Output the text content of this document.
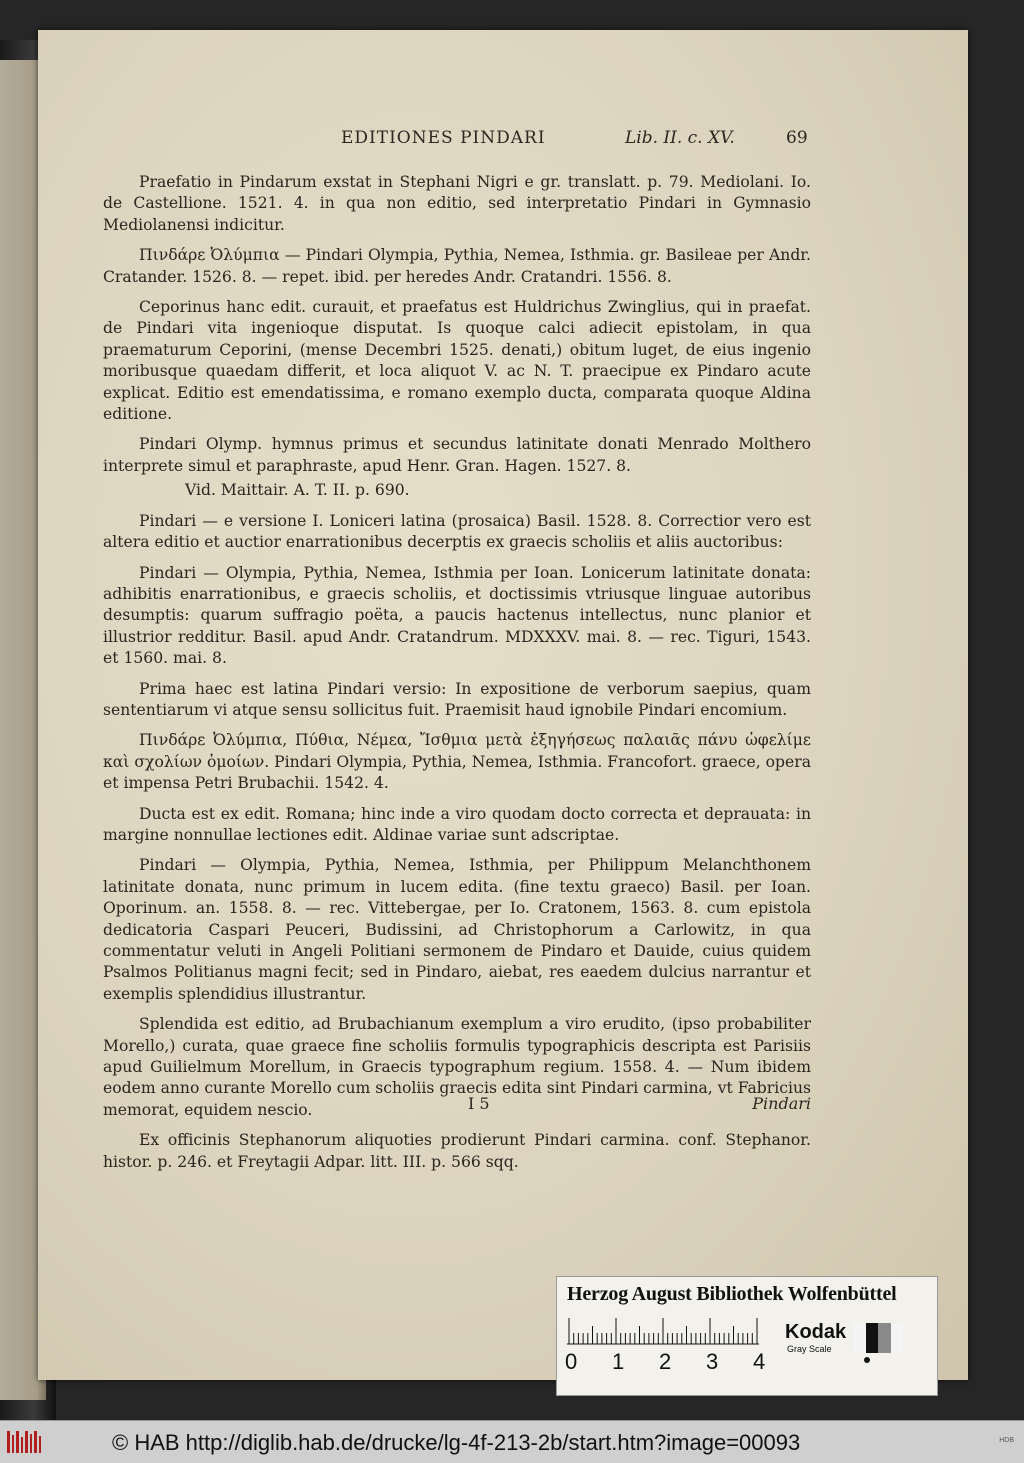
EDITIONES PINDARI	Lib. II. c. XV.	69

Praefatio in Pindarum exstat in Stephani Nigri e gr. translatt. p. 79. Mediolani. Io. de Castellione. 1521. 4. in qua non editio, sed interpretatio Pindari in Gymnasio Mediolanensi indicitur.

Πινδάρε Ὀλύμπια — Pindari Olympia, Pythia, Nemea, Isthmia. gr. Basileae per Andr. Cratander. 1526. 8. — repet. ibid. per heredes Andr. Cratandri. 1556. 8.

Ceporinus hanc edit. curauit, et praefatus est Huldrichus Zwinglius, qui in praefat. de Pindari vita ingenioque disputat. Is quoque calci adiecit epistolam, in qua praematurum Ceporini, (mense Decembri 1525. denati,) obitum luget, de eius ingenio moribusque quaedam differit, et loca aliquot V. ac N. T. praecipue ex Pindaro acute explicat. Editio est emendatissima, e romano exemplo ducta, comparata quoque Aldina editione.

Pindari Olymp. hymnus primus et secundus latinitate donati Menrado Molthero interprete simul et paraphraste, apud Henr. Gran. Hagen. 1527. 8.

Vid. Maittair. A. T. II. p. 690.

Pindari — e versione I. Loniceri latina (prosaica) Basil. 1528. 8. Correctior vero est altera editio et auctior enarrationibus decerptis ex graecis scholiis et aliis auctoribus:

Pindari — Olympia, Pythia, Nemea, Isthmia per Ioan. Lonicerum latinitate donata: adhibitis enarrationibus, e graecis scholiis, et doctissimis vtriusque linguae autoribus desumptis: quarum suffragio poëta, a paucis hactenus intellectus, nunc planior et illustrior redditur. Basil. apud Andr. Cratandrum. MDXXXV. mai. 8. — rec. Tiguri, 1543. et 1560. mai. 8.

Prima haec est latina Pindari versio: In expositione de verborum saepius, quam sententiarum vi atque sensu sollicitus fuit. Praemisit haud ignobile Pindari encomium.

Πινδάρε Ὀλύμπια, Πύθια, Νέμεα, Ἴσθμια μετὰ ἐξηγήσεως παλαιᾶς πάνυ ὠφελίμε καὶ σχολίων ὁμοίων. Pindari Olympia, Pythia, Nemea, Isthmia. Francofort. graece, opera et impensa Petri Brubachii. 1542. 4.

Ducta est ex edit. Romana; hinc inde a viro quodam docto correcta et deprauata: in margine nonnullae lectiones edit. Aldinae variae sunt adscriptae.

Pindari — Olympia, Pythia, Nemea, Isthmia, per Philippum Melanchthonem latinitate donata, nunc primum in lucem edita. (fine textu graeco) Basil. per Ioan. Oporinum. an. 1558. 8. — rec. Vittebergae, per Io. Cratonem, 1563. 8. cum epistola dedicatoria Caspari Peuceri, Budissini, ad Christophorum a Carlowitz, in qua commentatur veluti in Angeli Politiani sermonem de Pindaro et Dauide, cuius quidem Psalmos Politianus magni fecit; sed in Pindaro, aiebat, res eaedem dulcius narrantur et exemplis splendidius illustrantur.

Splendida est editio, ad Brubachianum exemplum a viro erudito, (ipso probabiliter Morello,) curata, quae graece fine scholiis formulis typographicis descripta est Parisiis apud Guilielmum Morellum, in Graecis typographum regium. 1558. 4. — Num ibidem eodem anno curante Morello cum scholiis graecis edita sint Pindari carmina, vt Fabricius memorat, equidem nescio.

Ex officinis Stephanorum aliquoties prodierunt Pindari carmina. conf. Stephanor. histor. p. 246. et Freytagii Adpar. litt. III. p. 566 sqq.

I 5	Pindari
Herzog August Bibliothek Wolfenbüttel
0 1 2 3 4
Kodak
Gray Scale
© HAB http://diglib.hab.de/drucke/lg-4f-213-2b/start.htm?image=00093	HDB
